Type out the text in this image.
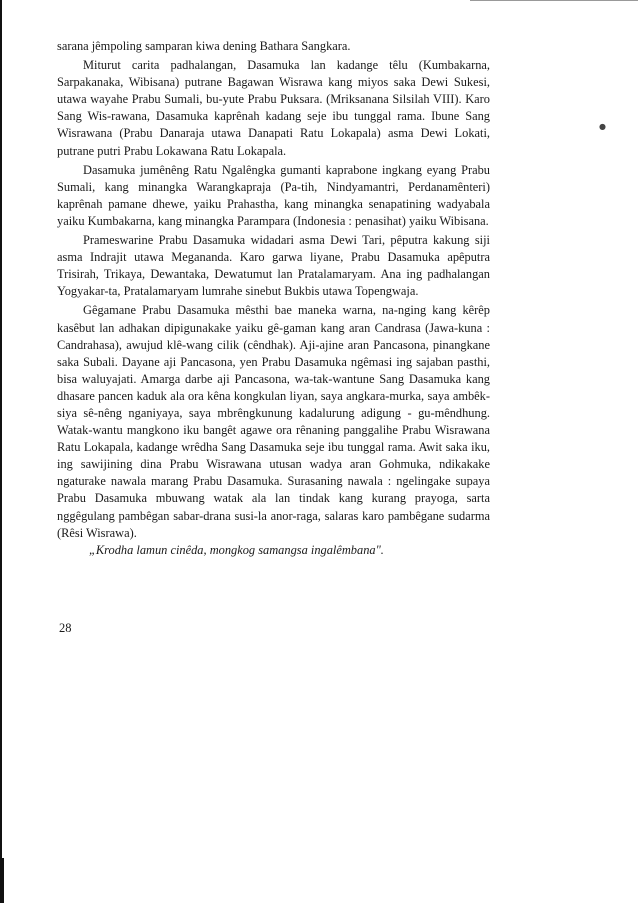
sarana jêmpoling samparan kiwa dening Bathara Sangkara.

Miturut carita padhalangan, Dasamuka lan kadange têlu (Kumbakarna, Sarpakanaka, Wibisana) putrane Bagawan Wisrawa kang miyos saka Dewi Sukesi, utawa wayahe Prabu Sumali, bu-yute Prabu Puksara. (Mriksanana Silsilah VIII). Karo Sang Wis-rawana, Dasamuka kaprênah kadang seje ibu tunggal rama. Ibune Sang Wisrawana (Prabu Danaraja utawa Danapati Ratu Lokapala) asma Dewi Lokati, putrane putri Prabu Lokawana Ratu Lokapala.

Dasamuka jumênêng Ratu Ngalêngka gumanti kaprabone ingkang eyang Prabu Sumali, kang minangka Warangkapraja (Pa-tih, Nindyamantri, Perdanamênteri) kaprênah pamane dhewe, yaiku Prahastha, kang minangka senapatining wadyabala yaiku Kumbakarna, kang minangka Parampara (Indonesia : penasihat) yaiku Wibisana.

Prameswarine Prabu Dasamuka widadari asma Dewi Tari, pêputra kakung siji asma Indrajit utawa Megananda. Karo garwa liyane, Prabu Dasamuka apêputra Trisirah, Trikaya, Dewantaka, Dewatumut lan Pratalamaryam. Ana ing padhalangan Yogyakar-ta, Pratalamaryam lumrahe sinebut Bukbis utawa Topengwaja.

Gêgamane Prabu Dasamuka mêsthi bae maneka warna, na-nging kang kêrêp kasêbut lan adhakan dipigunakake yaiku gê-gaman kang aran Candrasa (Jawa-kuna : Candrahasa), awujud klê-wang cilik (cêndhak). Aji-ajine aran Pancasona, pinangkane saka Subali. Dayane aji Pancasona, yen Prabu Dasamuka ngêmasi ing sajaban pasthi, bisa waluyajati. Amarga darbe aji Pancasona, wa-tak-wantune Sang Dasamuka kang dhasare pancen kaduk ala ora kêna kongkulan liyan, saya angkara-murka, saya ambêk-siya sê-nêng nganiyaya, saya mbrêngkunung kadalurung adigung - gu-mêndhung. Watak-wantu mangkono iku bangêt agawe ora rênaning panggalihe Prabu Wisrawana Ratu Lokapala, kadange wrêdha Sang Dasamuka seje ibu tunggal rama. Awit saka iku, ing sawijining dina Prabu Wisrawana utusan wadya aran Gohmuka, ndikakake ngaturake nawala marang Prabu Dasamuka. Surasaning nawala : ngelingake supaya Prabu Dasamuka mbuwang watak ala lan tindak kang kurang prayoga, sarta nggêgulang pambêgan sabar-drana susi-la anor-raga, salaras karo pambêgane sudarma (Rêsi Wisrawa).

„Krodha lamun cinêda, mongkog samangsa ingalêmbana".

28
●
